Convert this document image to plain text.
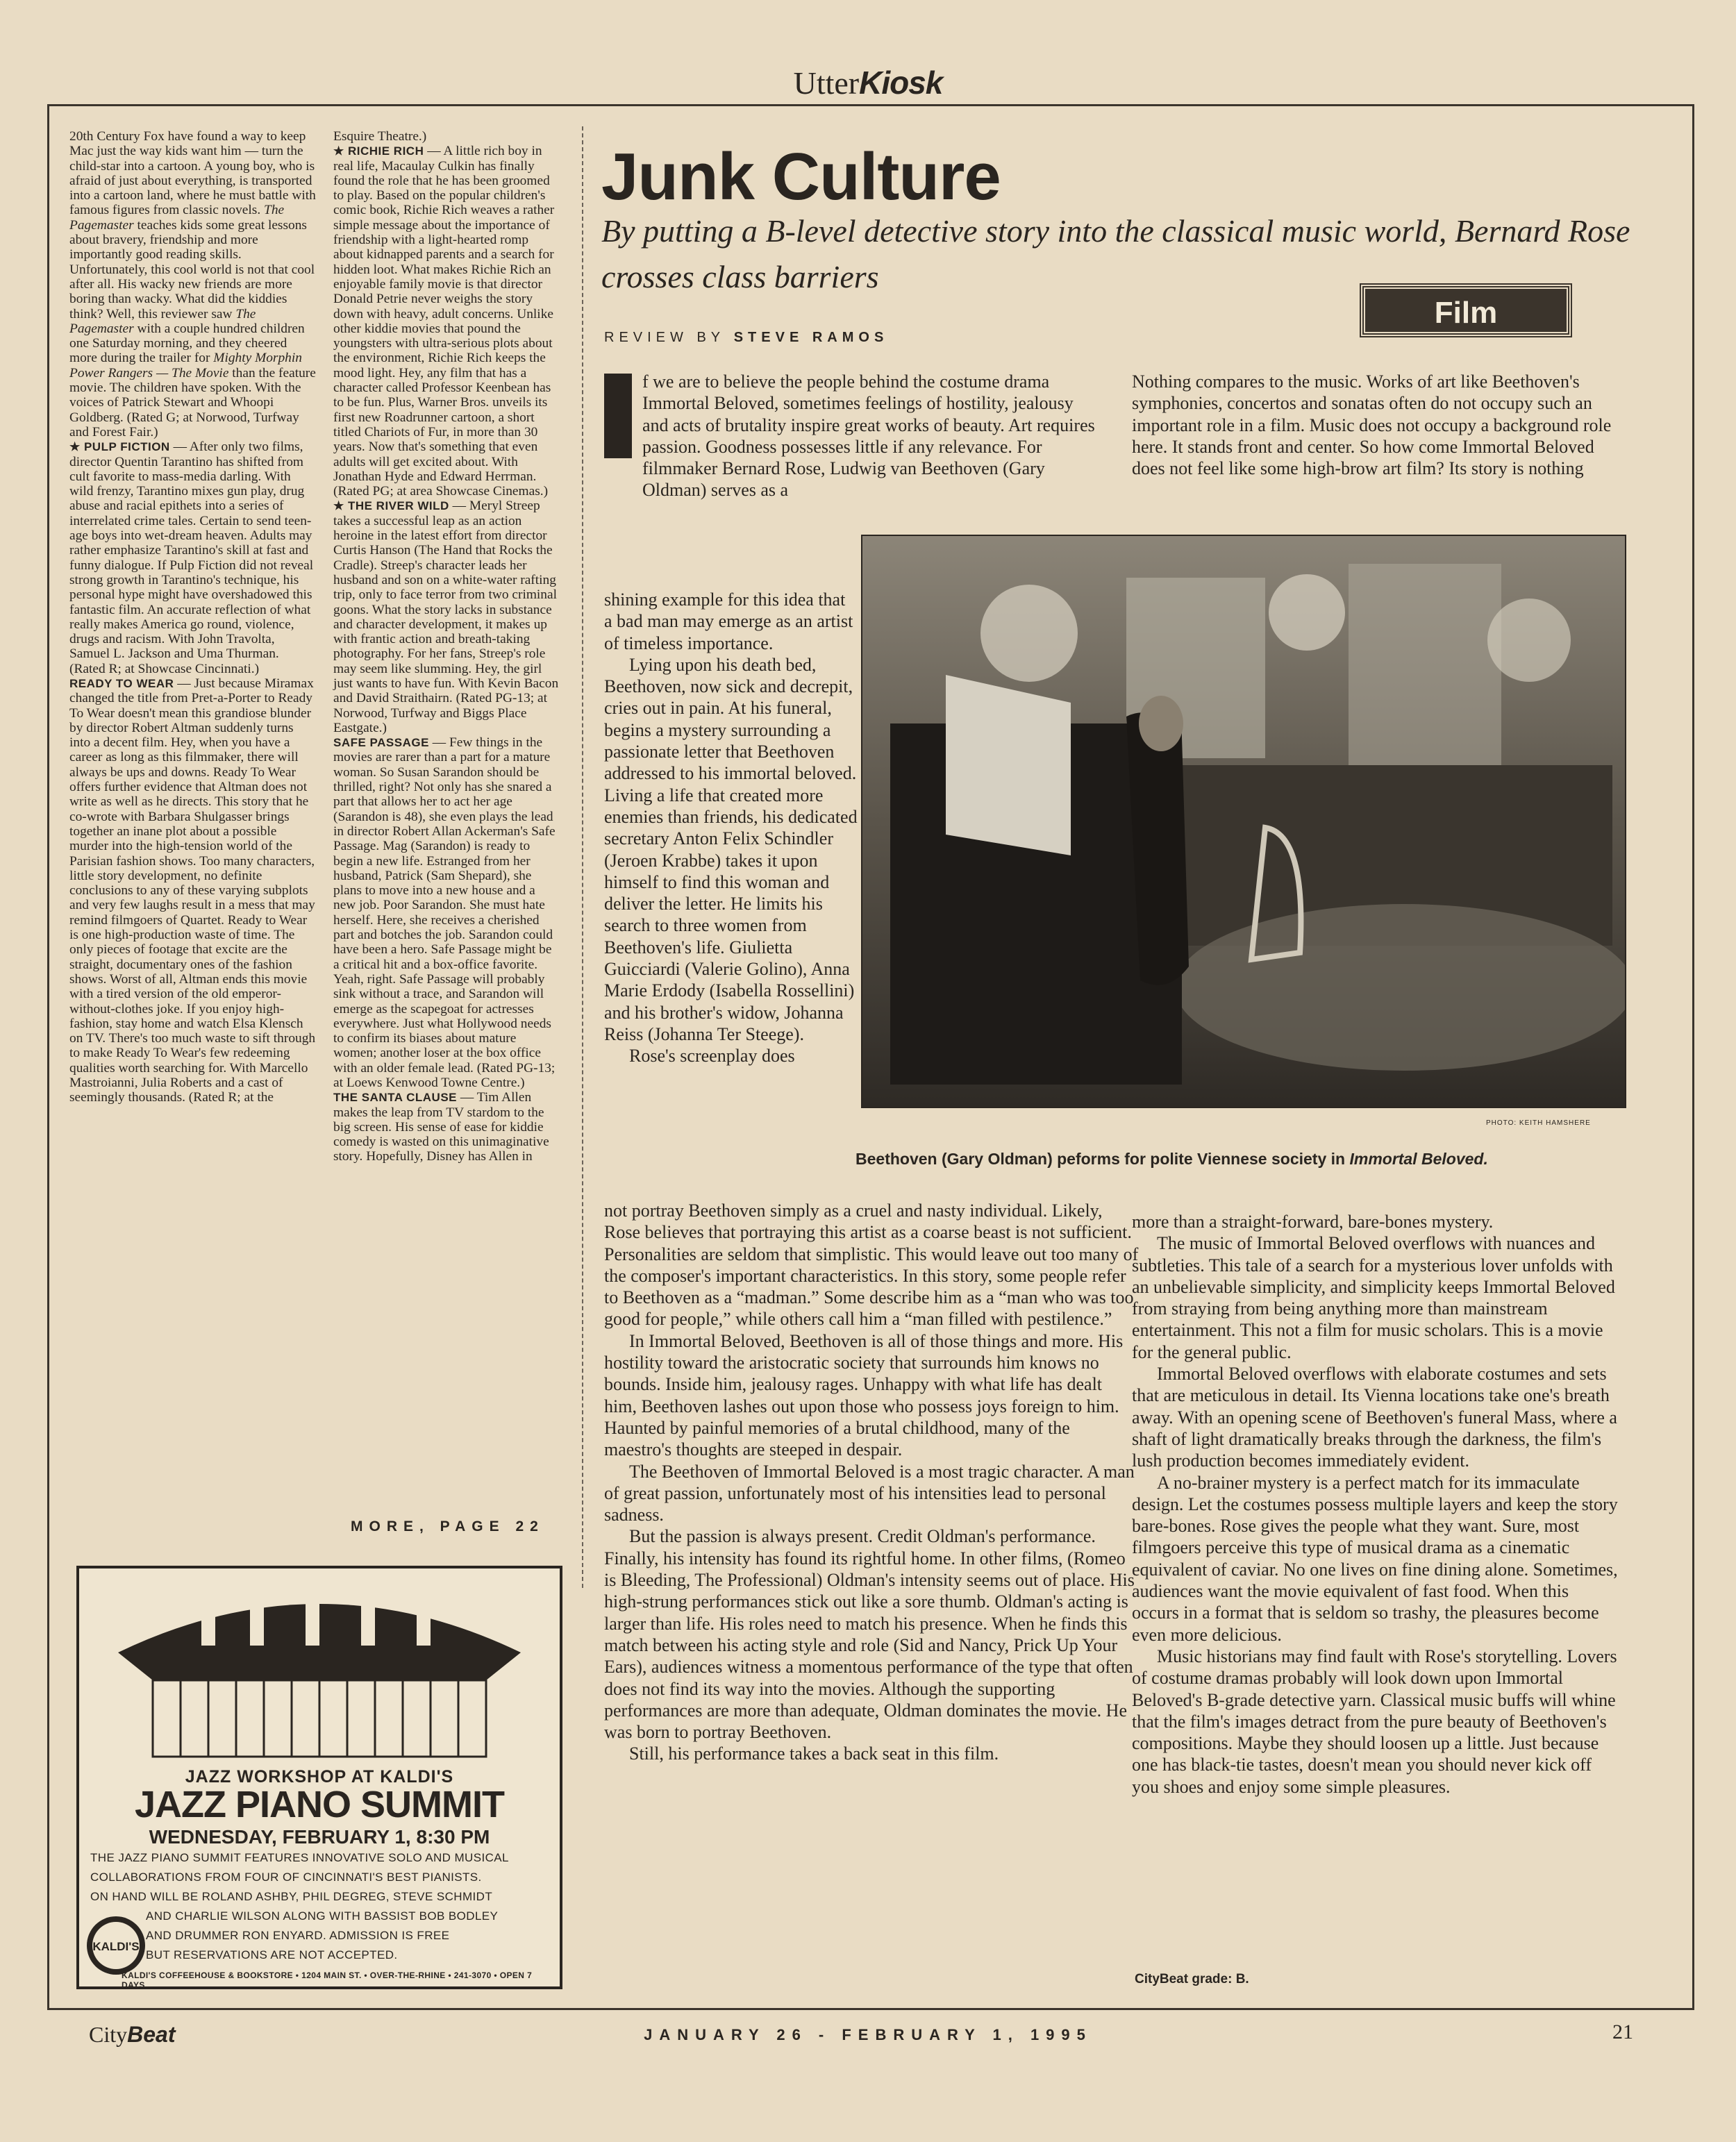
UtterKiosk

20th Century Fox have found a way to keep Mac just the way kids want him — turn the child-star into a cartoon. A young boy, who is afraid of just about everything, is transported into a cartoon land, where he must battle with famous figures from classic novels. The Pagemaster teaches kids some great lessons about bravery, friendship and more importantly good reading skills. Unfortunately, this cool world is not that cool after all. His wacky new friends are more boring than wacky. What did the kiddies think? Well, this reviewer saw The Pagemaster with a couple hundred children one Saturday morning, and they cheered more during the trailer for Mighty Morphin Power Rangers — The Movie than the feature movie. The children have spoken. With the voices of Patrick Stewart and Whoopi Goldberg. (Rated G; at Norwood, Turfway and Forest Fair.)

★ PULP FICTION — After only two films, director Quentin Tarantino has shifted from cult favorite to mass-media darling. With wild frenzy, Tarantino mixes gun play, drug abuse and racial epithets into a series of interrelated crime tales. Certain to send teen-age boys into wet-dream heaven. Adults may rather emphasize Tarantino's skill at fast and funny dialogue. If Pulp Fiction did not reveal strong growth in Tarantino's technique, his personal hype might have overshadowed this fantastic film. An accurate reflection of what really makes America go round, violence, drugs and racism. With John Travolta, Samuel L. Jackson and Uma Thurman. (Rated R; at Showcase Cincinnati.)

READY TO WEAR — Just because Miramax changed the title from Pret-a-Porter to Ready To Wear doesn't mean this grandiose blunder by director Robert Altman suddenly turns into a decent film. Hey, when you have a career as long as this filmmaker, there will always be ups and downs. Ready To Wear offers further evidence that Altman does not write as well as he directs. This story that he co-wrote with Barbara Shulgasser brings together an inane plot about a possible murder into the high-tension world of the Parisian fashion shows. Too many characters, little story development, no definite conclusions to any of these varying subplots and very few laughs result in a mess that may remind filmgoers of Quartet. Ready to Wear is one high-production waste of time. The only pieces of footage that excite are the straight, documentary ones of the fashion shows. Worst of all, Altman ends this movie with a tired version of the old emperor-without-clothes joke. If you enjoy high-fashion, stay home and watch Elsa Klensch on TV. There's too much waste to sift through to make Ready To Wear's few redeeming qualities worth searching for. With Marcello Mastroianni, Julia Roberts and a cast of seemingly thousands. (Rated R; at the

Esquire Theatre.)

★ RICHIE RICH — A little rich boy in real life, Macaulay Culkin has finally found the role that he has been groomed to play. Based on the popular children's comic book, Richie Rich weaves a rather simple message about the importance of friendship with a light-hearted romp about kidnapped parents and a search for hidden loot. What makes Richie Rich an enjoyable family movie is that director Donald Petrie never weighs the story down with heavy, adult concerns. Unlike other kiddie movies that pound the youngsters with ultra-serious plots about the environment, Richie Rich keeps the mood light. Hey, any film that has a character called Professor Keenbean has to be fun. Plus, Warner Bros. unveils its first new Roadrunner cartoon, a short titled Chariots of Fur, in more than 30 years. Now that's something that even adults will get excited about. With Jonathan Hyde and Edward Herrman. (Rated PG; at area Showcase Cinemas.)

★ THE RIVER WILD — Meryl Streep takes a successful leap as an action heroine in the latest effort from director Curtis Hanson (The Hand that Rocks the Cradle). Streep's character leads her husband and son on a white-water rafting trip, only to face terror from two criminal goons. What the story lacks in substance and character development, it makes up with frantic action and breath-taking photography. For her fans, Streep's role may seem like slumming. Hey, the girl just wants to have fun. With Kevin Bacon and David Straithairn. (Rated PG-13; at Norwood, Turfway and Biggs Place Eastgate.)

SAFE PASSAGE — Few things in the movies are rarer than a part for a mature woman. So Susan Sarandon should be thrilled, right? Not only has she snared a part that allows her to act her age (Sarandon is 48), she even plays the lead in director Robert Allan Ackerman's Safe Passage. Mag (Sarandon) is ready to begin a new life. Estranged from her husband, Patrick (Sam Shepard), she plans to move into a new house and a new job. Poor Sarandon. She must hate herself. Here, she receives a cherished part and botches the job. Sarandon could have been a hero. Safe Passage might be a critical hit and a box-office favorite. Yeah, right. Safe Passage will probably sink without a trace, and Sarandon will emerge as the scapegoat for actresses everywhere. Just what Hollywood needs to confirm its biases about mature women; another loser at the box office with an older female lead. (Rated PG-13; at Loews Kenwood Towne Centre.)

THE SANTA CLAUSE — Tim Allen makes the leap from TV stardom to the big screen. His sense of ease for kiddie comedy is wasted on this unimaginative story. Hopefully, Disney has Allen in

MORE, PAGE 22
Junk Culture
By putting a B-level detective story into the classical music world, Bernard Rose crosses class barriers
Film
REVIEW BY STEVE RAMOS

f we are to believe the people behind the costume drama Immortal Beloved, sometimes feelings of hostility, jealousy and acts of brutality inspire great works of beauty. Art requires passion. Goodness possesses little if any relevance. For filmmaker Bernard Rose, Ludwig van Beethoven (Gary Oldman) serves as a

shining example for this idea that a bad man may emerge as an artist of timeless importance.

Lying upon his death bed, Beethoven, now sick and decrepit, cries out in pain. At his funeral, begins a mystery surrounding a passionate letter that Beethoven addressed to his immortal beloved. Living a life that created more enemies than friends, his dedicated secretary Anton Felix Schindler (Jeroen Krabbe) takes it upon himself to find this woman and deliver the letter. He limits his search to three women from Beethoven's life. Giulietta Guicciardi (Valerie Golino), Anna Marie Erdody (Isabella Rossellini) and his brother's widow, Johanna Reiss (Johanna Ter Steege).

Rose's screenplay does

not portray Beethoven simply as a cruel and nasty individual. Likely, Rose believes that portraying this artist as a coarse beast is not sufficient. Personalities are seldom that simplistic. This would leave out too many of the composer's important characteristics. In this story, some people refer to Beethoven as a “madman.” Some describe him as a “man who was too good for people,” while others call him a “man filled with pestilence.”

In Immortal Beloved, Beethoven is all of those things and more. His hostility toward the aristocratic society that surrounds him knows no bounds. Inside him, jealousy rages. Unhappy with what life has dealt him, Beethoven lashes out upon those who possess joys foreign to him. Haunted by painful memories of a brutal childhood, many of the maestro's thoughts are steeped in despair.

The Beethoven of Immortal Beloved is a most tragic character. A man of great passion, unfortunately most of his intensities lead to personal sadness.

But the passion is always present. Credit Oldman's performance. Finally, his intensity has found its rightful home. In other films, (Romeo is Bleeding, The Professional) Oldman's intensity seems out of place. His high-strung performances stick out like a sore thumb. Oldman's acting is larger than life. His roles need to match his presence. When he finds this match between his acting style and role (Sid and Nancy, Prick Up Your Ears), audiences witness a momentous performance of the type that often does not find its way into the movies. Although the supporting performances are more than adequate, Oldman dominates the movie. He was born to portray Beethoven.

Still, his performance takes a back seat in this film.

Nothing compares to the music. Works of art like Beethoven's symphonies, concertos and sonatas often do not occupy such an important role in a film. Music does not occupy a background role here. It stands front and center. So how come Immortal Beloved does not feel like some high-brow art film? Its story is nothing

more than a straight-forward, bare-bones mystery.

The music of Immortal Beloved overflows with nuances and subtleties. This tale of a search for a mysterious lover unfolds with an unbelievable simplicity, and simplicity keeps Immortal Beloved from straying from being anything more than mainstream entertainment. This not a film for music scholars. This is a movie for the general public.

Immortal Beloved overflows with elaborate costumes and sets that are meticulous in detail. Its Vienna locations take one's breath away. With an opening scene of Beethoven's funeral Mass, where a shaft of light dramatically breaks through the darkness, the film's lush production becomes immediately evident.

A no-brainer mystery is a perfect match for its immaculate design. Let the costumes possess multiple layers and keep the story bare-bones. Rose gives the people what they want. Sure, most filmgoers perceive this type of musical drama as a cinematic equivalent of caviar. No one lives on fine dining alone. Sometimes, audiences want the movie equivalent of fast food. When this occurs in a format that is seldom so trashy, the pleasures become even more delicious.

Music historians may find fault with Rose's storytelling. Lovers of costume dramas probably will look down upon Immortal Beloved's B-grade detective yarn. Classical music buffs will whine that the film's images detract from the pure beauty of Beethoven's compositions. Maybe they should loosen up a little. Just because one has black-tie tastes, doesn't mean you should never kick off you shoes and enjoy some simple pleasures.

CityBeat grade: B.
PHOTO: KEITH HAMSHERE
Beethoven (Gary Oldman) peforms for polite Viennese society in Immortal Beloved.
JAZZ WORKSHOP AT KALDI'S
JAZZ PIANO SUMMIT
WEDNESDAY, FEBRUARY 1, 8:30 PM
THE JAZZ PIANO SUMMIT FEATURES INNOVATIVE SOLO AND MUSICAL
COLLABORATIONS FROM FOUR OF CINCINNATI'S BEST PIANISTS.
ON HAND WILL BE ROLAND ASHBY, PHIL DEGREG, STEVE SCHMIDT
AND CHARLIE WILSON ALONG WITH BASSIST BOB BODLEY
AND DRUMMER RON ENYARD. ADMISSION IS FREE
BUT RESERVATIONS ARE NOT ACCEPTED.
KALDI'S
KALDI'S COFFEEHOUSE & BOOKSTORE • 1204 MAIN ST. • OVER-THE-RHINE • 241-3070 • OPEN 7 DAYS
CityBeat	JANUARY 26 - FEBRUARY 1, 1995	21
